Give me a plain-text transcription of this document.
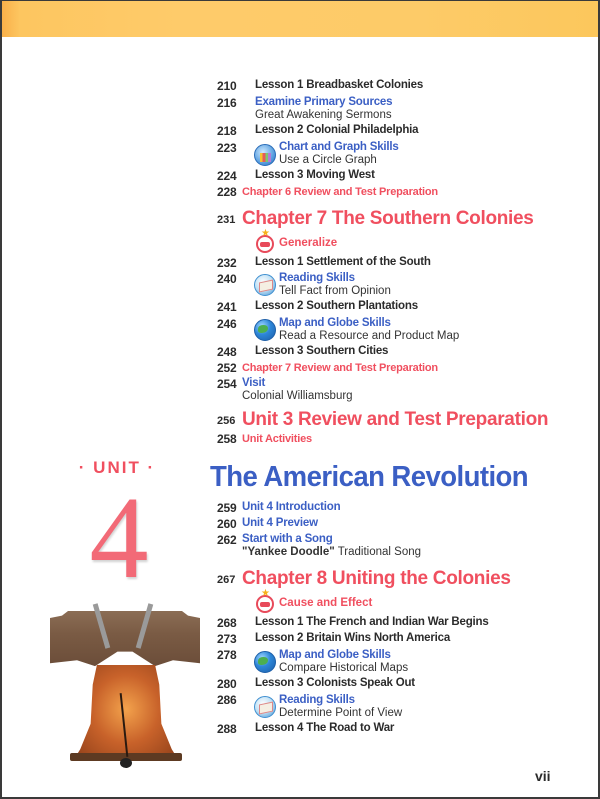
210 Lesson 1 Breadbasket Colonies
216 Examine Primary Sources
Great Awakening Sermons
218 Lesson 2 Colonial Philadelphia
223	Chart and Graph Skills
Use a Circle Graph
224 Lesson 3 Moving West
228 Chapter 6 Review and Test Preparation
231 Chapter 7 The Southern Colonies
★
Generalize
232 Lesson 1 Settlement of the South
240	Reading Skills
Tell Fact from Opinion
241 Lesson 2 Southern Plantations
246	Map and Globe Skills
Read a Resource and Product Map
248 Lesson 3 Southern Cities
252 Chapter 7 Review and Test Preparation
254 Visit
Colonial Williamsburg
256 Unit 3 Review and Test Preparation
258 Unit Activities
· UNIT ·
4	The American Revolution
259 Unit 4 Introduction
260 Unit 4 Preview
262 Start with a Song
"Yankee Doodle" Traditional Song
267 Chapter 8 Uniting the Colonies
★
Cause and Effect
268 Lesson 1 The French and Indian War Begins
273 Lesson 2 Britain Wins North America
278	Map and Globe Skills
Compare Historical Maps
280 Lesson 3 Colonists Speak Out
286	Reading Skills
Determine Point of View
288 Lesson 4 The Road to War
vii
